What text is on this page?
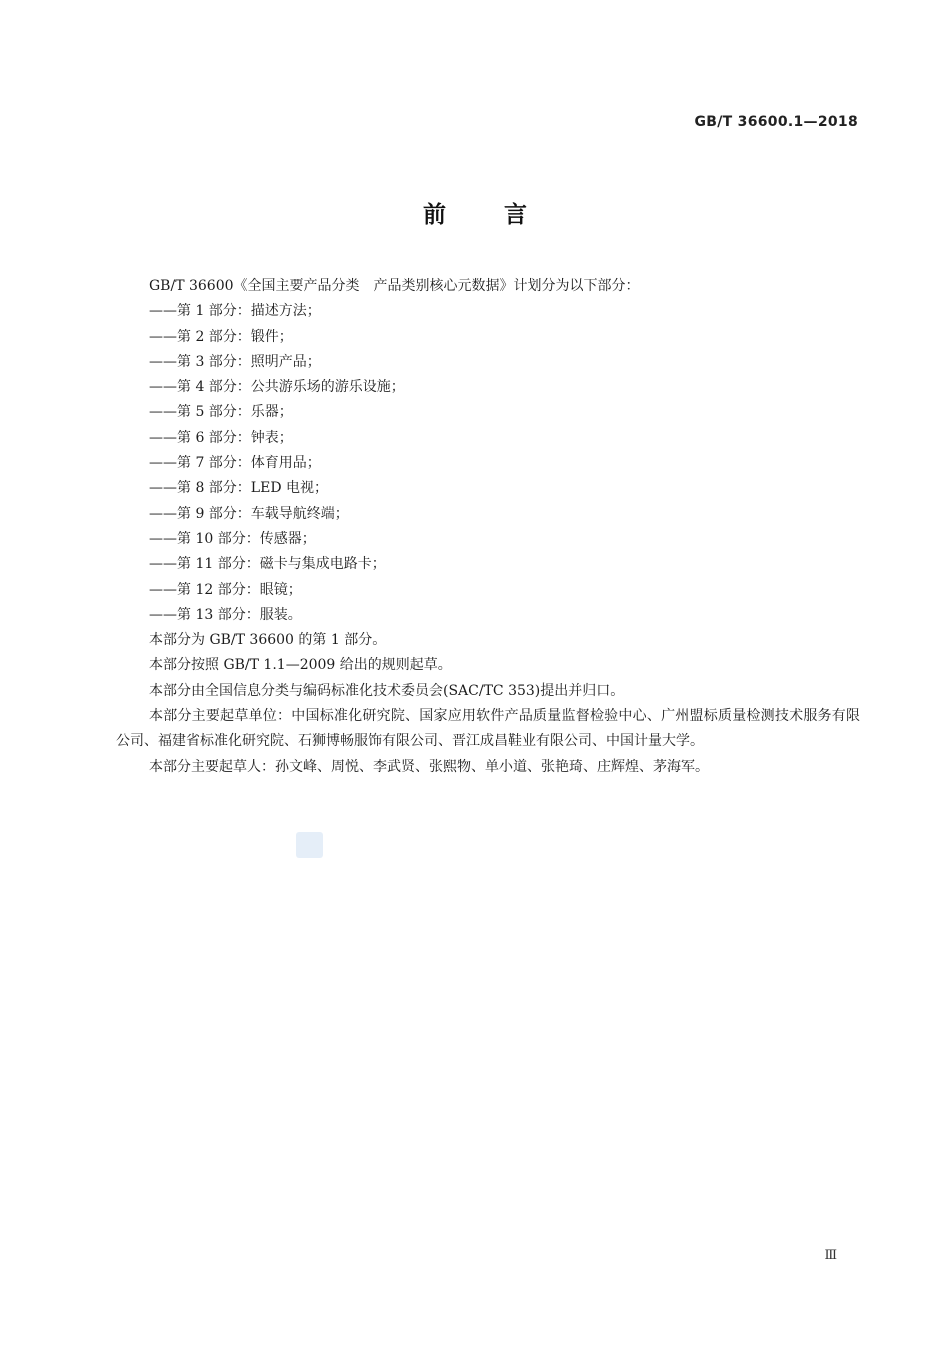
GB/T 36600.1—2018
前言

GB/T 36600《全国主要产品分类　产品类别核心元数据》计划分为以下部分：

——第 1 部分：描述方法；
——第 2 部分：锻件；
——第 3 部分：照明产品；
——第 4 部分：公共游乐场的游乐设施；
——第 5 部分：乐器；
——第 6 部分：钟表；
——第 7 部分：体育用品；
——第 8 部分：LED 电视；
——第 9 部分：车载导航终端；
——第 10 部分：传感器；
——第 11 部分：磁卡与集成电路卡；
——第 12 部分：眼镜；
——第 13 部分：服装。

本部分为 GB/T 36600 的第 1 部分。

本部分按照 GB/T 1.1—2009 给出的规则起草。

本部分由全国信息分类与编码标准化技术委员会(SAC/TC 353)提出并归口。

本部分主要起草单位：中国标准化研究院、国家应用软件产品质量监督检验中心、广州盟标质量检测技术服务有限公司、福建省标准化研究院、石狮博畅服饰有限公司、晋江成昌鞋业有限公司、中国计量大学。

本部分主要起草人：孙文峰、周悦、李武贤、张熙物、单小道、张艳琦、庄辉煌、茅海军。

Ⅲ
